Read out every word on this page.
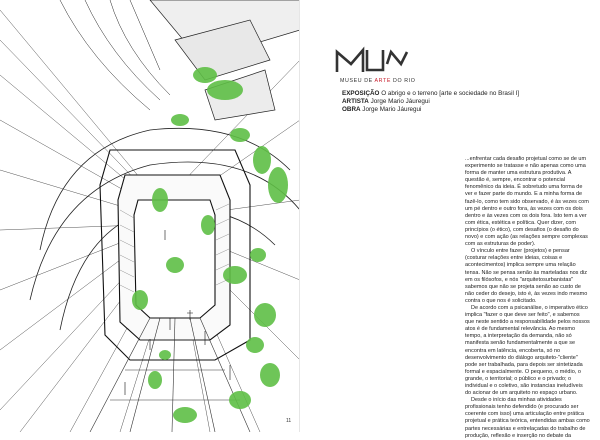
11
MUSEU DE ARTE DO RIO
EXPOSIÇÃO O abrigo e o terreno [arte e sociedade no Brasil I]
ARTISTA Jorge Mario Jáuregui
OBRA Jorge Mario Jáuregui

...enfrentar cada desafio projetual como se de um experimento se tratasse e não apenas como uma forma de manter uma estrutura produtiva. A questão é, sempre, encontrar o potencial fenomênico da ideia. É sobretudo uma forma de ver e fazer parte do mundo. E a minha forma de fazê-lo, como tem sido observado, é às vezes com um pé dentro e outro fora, às vezes com os dois dentro e às vezes com os dois fora. Isto tem a ver com ética, estética e política. Quer dizer, com princípios (o ético), com desafios (o desafio do novo) e com ação (as relações sempre complexas com as estruturas de poder).

O vínculo entre fazer (projetos) e pensar (costurar relações entre ideias, coisas e acontecimentos) implica sempre uma relação tensa. Não se pensa senão às marteladas nos diz em os filósofos, e nós "arquitetosurbanistas" sabemos que não se projeta senão ao custo de não ceder do desejo, isto é, às vezes indo mesmo contra o que nos é solicitado.

De acordo com a psicanálise, o imperativo ético implica "fazer o que deve ser feito", e sabemos que neste sentido a responsabilidade pelos nossos atos é de fundamental relevância. Ao mesmo tempo, a interpretação da demanda, não só manifesta senão fundamentalmente a que se encontra em latência, encoberta, só no desenvolvimento do diálogo arquiteto-"cliente" pode ser trabalhada, para depois ser sintetizada formal e espacialmente. O pequeno, o médio, o grande, o territorial; o público e o privado; o individual e o coletivo, são instancias ineludíveis do acionar de um arquiteto no espaço urbano.

Desde o início das minhas atividades profissionais tenho defendido (e procurado ser coerente com isso) uma articulação entre prática projetual e prática teórica, entendidas ambas como partes necessárias e entrelaçadas do trabalho de produção, reflexão e inserção no debate da
